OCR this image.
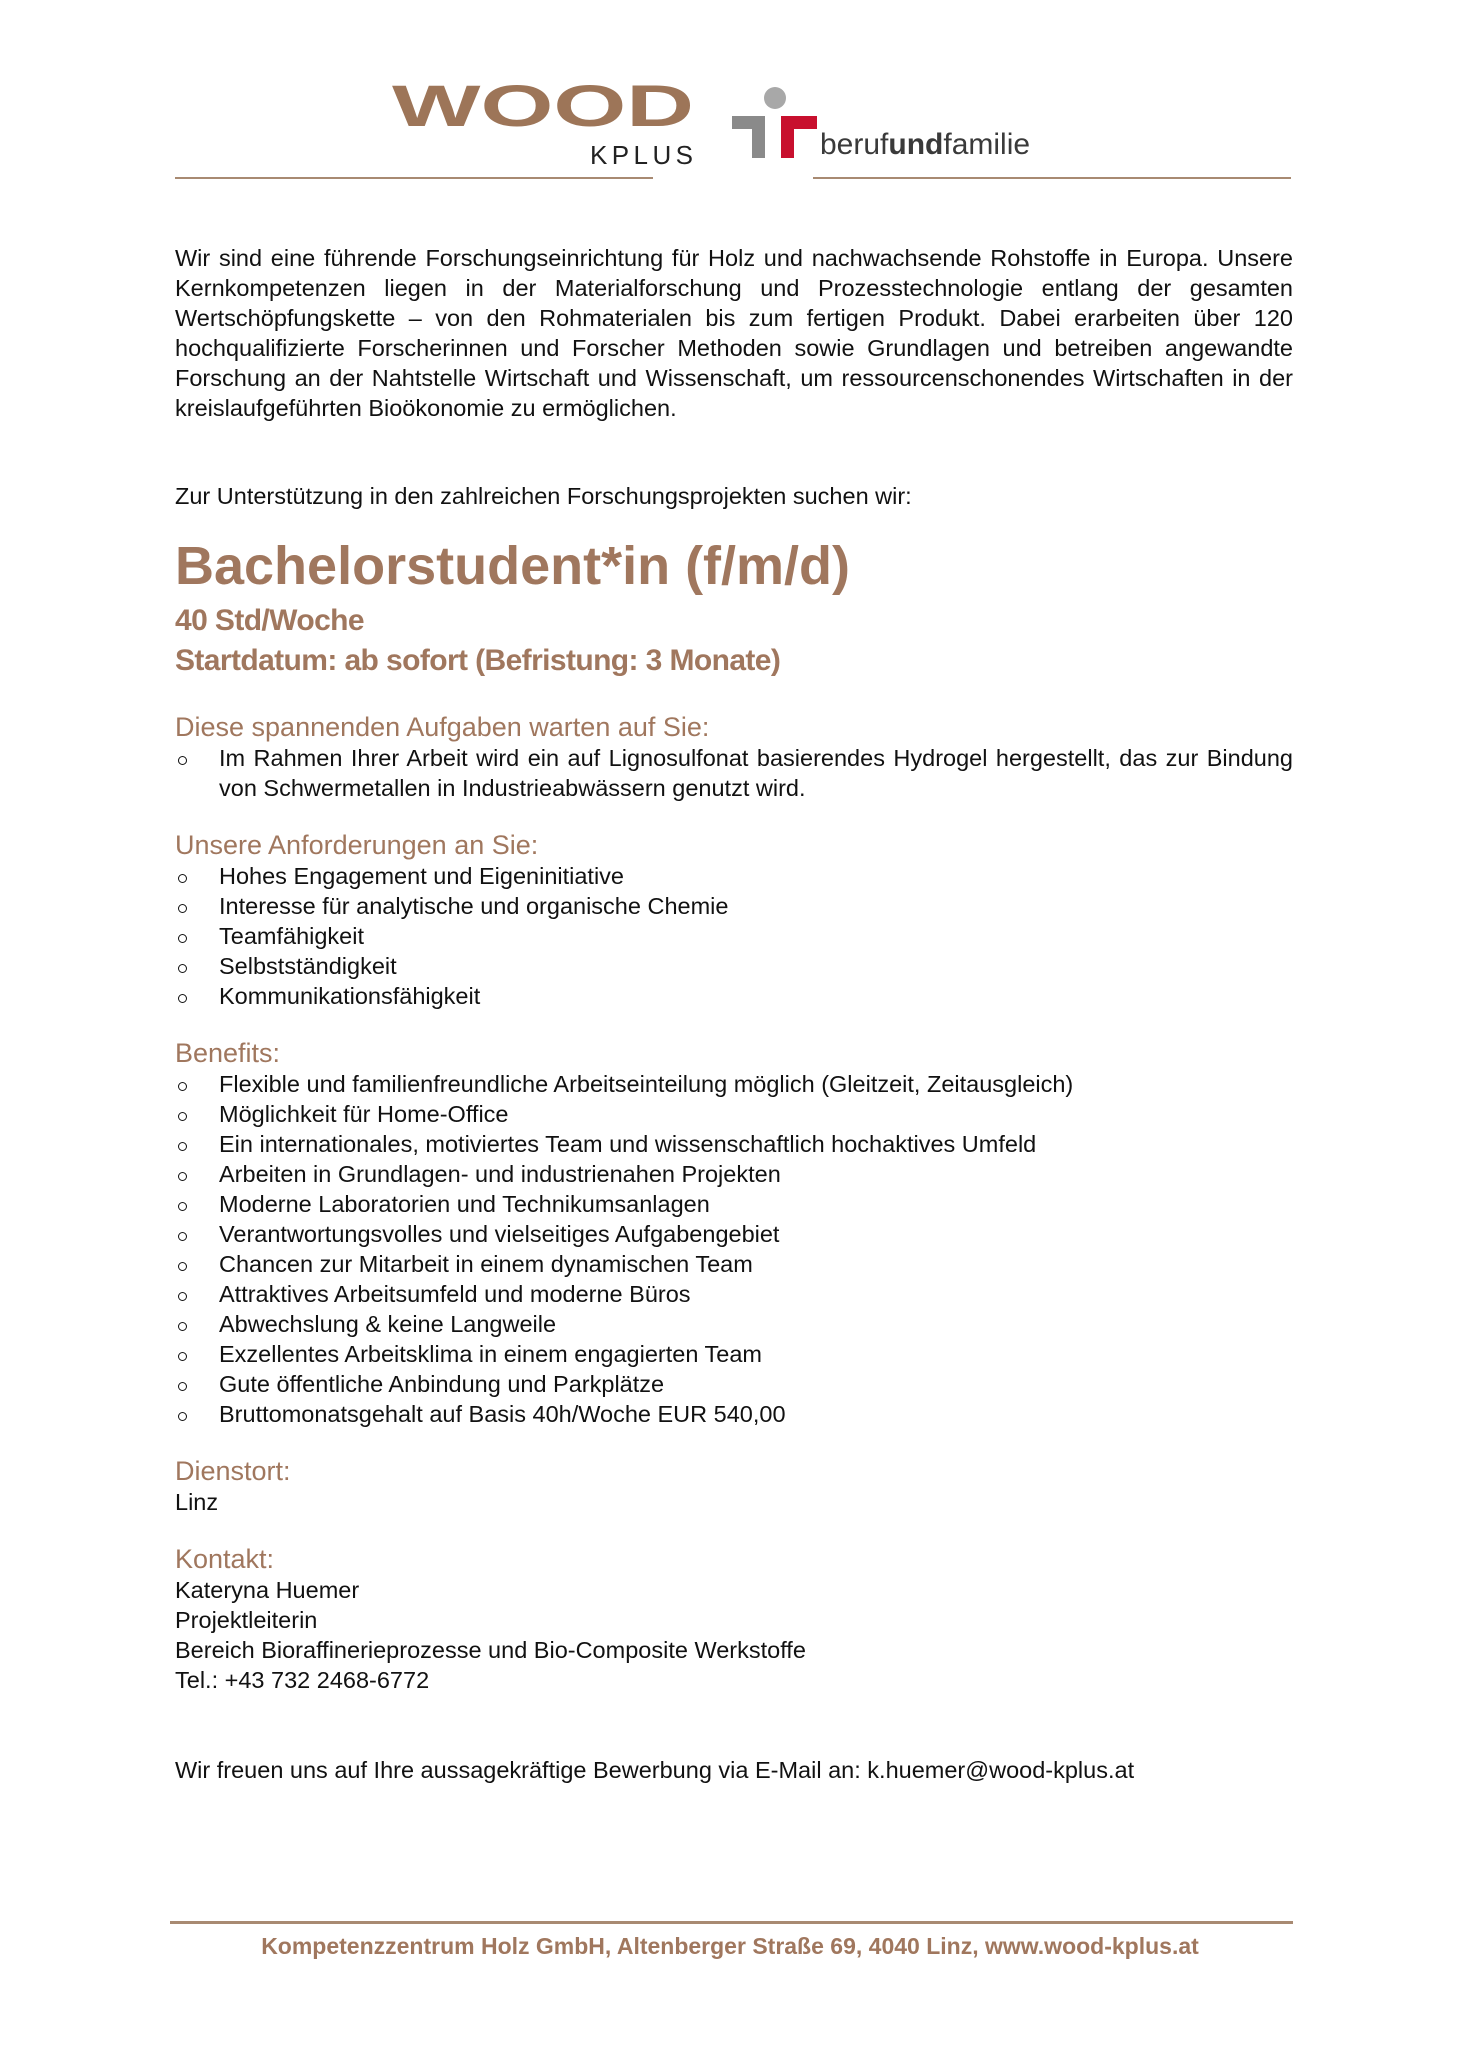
WOOD
KPLUS	berufundfamilie

Wir sind eine führende Forschungseinrichtung für Holz und nachwachsende Rohstoffe in Europa. Unsere Kernkompetenzen liegen in der Materialforschung und Prozesstechnologie entlang der gesamten Wertschöpfungskette – von den Rohmaterialen bis zum fertigen Produkt. Dabei erarbeiten über 120 hochqualifizierte Forscherinnen und Forscher Methoden sowie Grundlagen und betreiben angewandte Forschung an der Nahtstelle Wirtschaft und Wissenschaft, um ressourcenschonendes Wirtschaften in der kreislaufgeführten Bioökonomie zu ermöglichen.

Zur Unterstützung in den zahlreichen Forschungsprojekten suchen wir:

Bachelorstudent*in (f/m/d)
40 Std/Woche
Startdatum: ab sofort (Befristung: 3 Monate)
Diese spannenden Aufgaben warten auf Sie:
Im Rahmen Ihrer Arbeit wird ein auf Lignosulfonat basierendes Hydrogel hergestellt, das zur Bindung von Schwermetallen in Industrieabwässern genutzt wird.
Unsere Anforderungen an Sie:
Hohes Engagement und Eigeninitiative
Interesse für analytische und organische Chemie
Teamfähigkeit
Selbstständigkeit
Kommunikationsfähigkeit
Benefits:
Flexible und familienfreundliche Arbeitseinteilung möglich (Gleitzeit, Zeitausgleich)
Möglichkeit für Home-Office
Ein internationales, motiviertes Team und wissenschaftlich hochaktives Umfeld
Arbeiten in Grundlagen- und industrienahen Projekten
Moderne Laboratorien und Technikumsanlagen
Verantwortungsvolles und vielseitiges Aufgabengebiet
Chancen zur Mitarbeit in einem dynamischen Team
Attraktives Arbeitsumfeld und moderne Büros
Abwechslung & keine Langweile
Exzellentes Arbeitsklima in einem engagierten Team
Gute öffentliche Anbindung und Parkplätze
Bruttomonatsgehalt auf Basis 40h/Woche EUR 540,00
Dienstort:

Linz

Kontakt:

Kateryna Huemer

Projektleiterin

Bereich Bioraffinerieprozesse und Bio-Composite Werkstoffe

Tel.: +43 732 2468-6772

Wir freuen uns auf Ihre aussagekräftige Bewerbung via E-Mail an: k.huemer@wood-kplus.at

Kompetenzzentrum Holz GmbH, Altenberger Straße 69, 4040 Linz, www.wood-kplus.at
